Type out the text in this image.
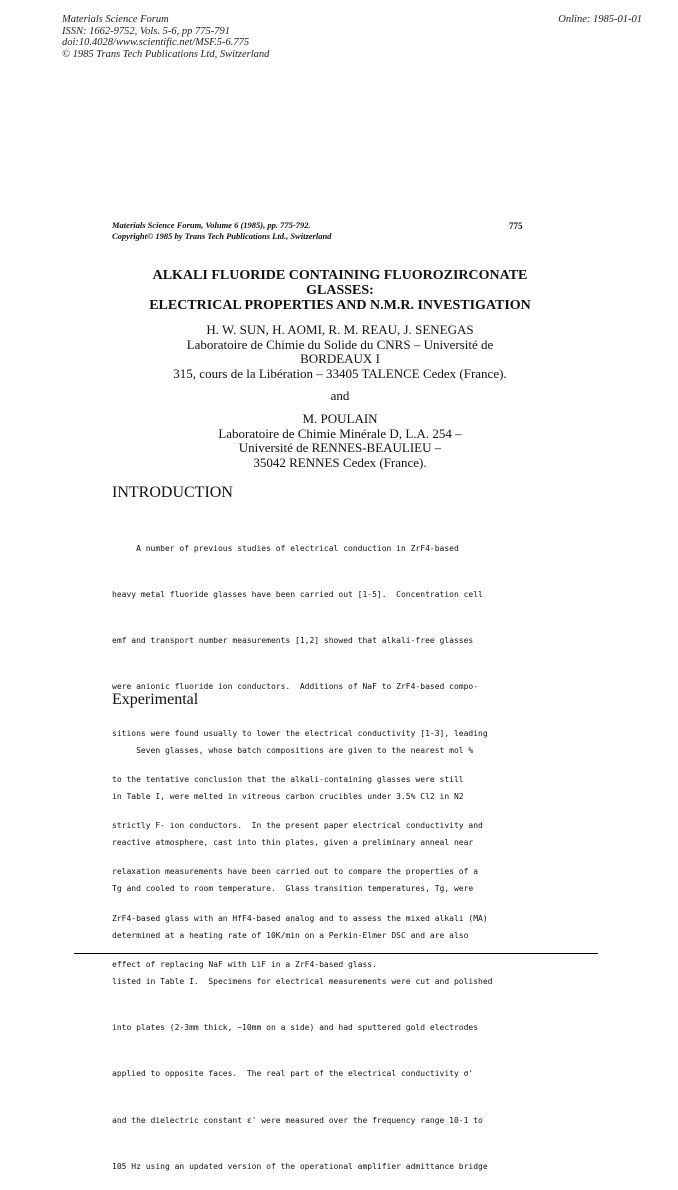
Materials Science Forum
ISSN: 1662-9752, Vols. 5-6, pp 775-791
doi:10.4028/www.scientific.net/MSF.5-6.775
© 1985 Trans Tech Publications Ltd, Switzerland
Online: 1985-01-01
Materials Science Forum, Volume 6 (1985), pp. 775-792.
Copyright© 1985 by Trans Tech Publications Ltd., Switzerland
775
ALKALI FLUORIDE CONTAINING FLUOROZIRCONATE
GLASSES:
ELECTRICAL PROPERTIES AND N.M.R. INVESTIGATION
H. W. SUN, H. AOMI, R. M. REAU, J. SENEGAS
Laboratoire de Chimie du Solide du CNRS – Université de
BORDEAUX I
315, cours de la Libération – 33405 TALENCE Cedex (France).
and
M. POULAIN
Laboratoire de Chimie Minérale D, L.A. 254 –
Université de RENNES-BEAULIEU –
35042 RENNES Cedex (France).
INTRODUCTION

A number of previous studies of electrical conduction in ZrF4-based

heavy metal fluoride glasses have been carried out [1-5].  Concentration cell

emf and transport number measurements [1,2] showed that alkali-free glasses

were anionic fluoride ion conductors.  Additions of NaF to ZrF4-based compo-

sitions were found usually to lower the electrical conductivity [1-3], leading

to the tentative conclusion that the alkali-containing glasses were still

strictly F- ion conductors.  In the present paper electrical conductivity and

relaxation measurements have been carried out to compare the properties of a

ZrF4-based glass with an HfF4-based analog and to assess the mixed alkali (MA)

effect of replacing NaF with LiF in a ZrF4-based glass.

Experimental

Seven glasses, whose batch compositions are given to the nearest mol %

in Table I, were melted in vitreous carbon crucibles under 3.5% Cl2 in N2

reactive atmosphere, cast into thin plates, given a preliminary anneal near

Tg and cooled to room temperature.  Glass transition temperatures, Tg, were

determined at a heating rate of 10K/min on a Perkin-Elmer DSC and are also

listed in Table I.  Specimens for electrical measurements were cut and polished

into plates (2-3mm thick, ~10mm on a side) and had sputtered gold electrodes

applied to opposite faces.  The real part of the electrical conductivity σ'

and the dielectric constant ε' were measured over the frequency range 10-1 to

105 Hz using an updated version of the operational amplifier admittance bridge
